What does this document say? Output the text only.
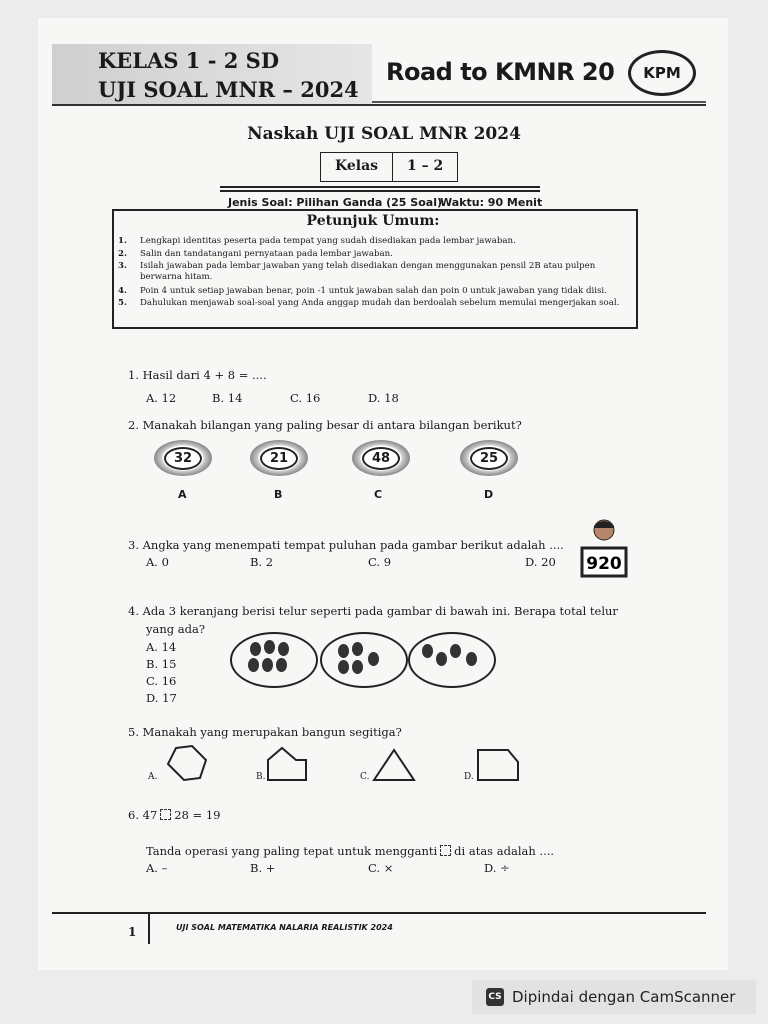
KELAS 1 - 2 SD
UJI SOAL MNR – 2024
Road to KMNR 20 KPM
Naskah UJI SOAL MNR 2024
Kelas	1 – 2
Jenis Soal: Pilihan Ganda (25 Soal)
Waktu: 90 Menit
Petunjuk Umum:
1.	Lengkapi identitas peserta pada tempat yang sudah disediakan pada lembar jawaban.
2.	Salin dan tandatangani pernyataan pada lembar jawaban.
3.	Isilah jawaban pada lembar jawaban yang telah disediakan dengan menggunakan pensil 2B atau pulpen berwarna hitam.
4.	Poin 4 untuk setiap jawaban benar, poin -1 untuk jawaban salah dan poin 0 untuk jawaban yang tidak diisi.
5.	Dahulukan menjawab soal-soal yang Anda anggap mudah dan berdoalah sebelum memulai mengerjakan soal.
1. Hasil dari 4 + 8 = ....
A. 12	B. 14	C. 16	D. 18
2. Manakah bilangan yang paling besar di antara bilangan berikut?
32	21	48	25
A	B	C	D
3. Angka yang menempati tempat puluhan pada gambar berikut adalah ....
A. 0	B. 2	C. 9	D. 20 920
4. Ada 3 keranjang berisi telur seperti pada gambar di bawah ini. Berapa total telur
yang ada?
A. 14
B. 15
C. 16
D. 17
5. Manakah yang merupakan bangun segitiga?
A.	B.	C.	D.
6. 47 28 = 19
Tanda operasi yang paling tepat untuk mengganti di atas adalah ....
A. –	B. +	C. ×	D. ÷
1	UJI SOAL MATEMATIKA NALARIA REALISTIK 2024
CS Dipindai dengan CamScanner
